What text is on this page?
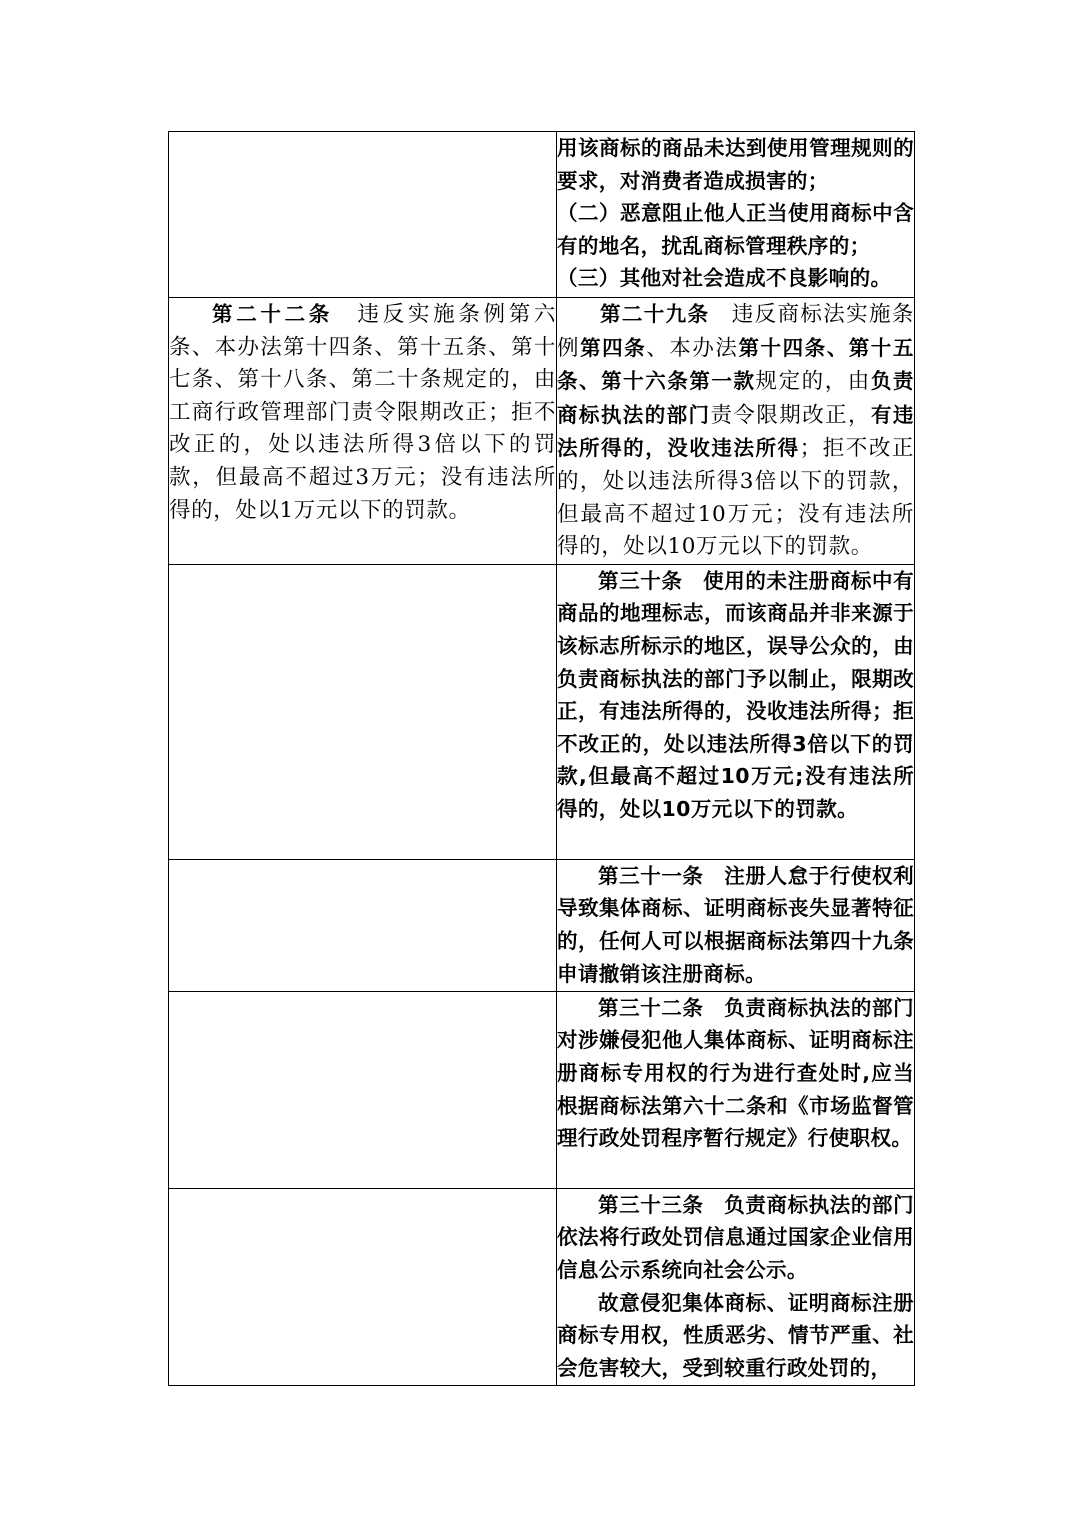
	用该商标的商品未达到使用管理规则的要求，对消费者造成损害的；

（二）恶意阻止他人正当使用商标中含有的地名，扰乱商标管理秩序的；

（三）其他对社会造成不良影响的。

第二十二条 违反实施条例第六条、本办法第十四条、第十五条、第十七条、第十八条、第二十条规定的，由工商行政管理部门责令限期改正；拒不改正的，处以违法所得3倍以下的罚款，但最高不超过3万元；没有违法所得的，处以1万元以下的罚款。	第二十九条 违反商标法实施条例第四条、本办法第十四条、第十五条、第十六条第一款规定的，由负责商标执法的部门责令限期改正，有违法所得的，没收违法所得；拒不改正的，处以违法所得3倍以下的罚款，但最高不超过10万元；没有违法所得的，处以10万元以下的罚款。

	第三十条 使用的未注册商标中有商品的地理标志，而该商品并非来源于该标志所标示的地区，误导公众的，由负责商标执法的部门予以制止，限期改正，有违法所得的，没收违法所得；拒不改正的，处以违法所得3倍以下的罚款,但最高不超过10万元;没有违法所得的，处以10万元以下的罚款。

	第三十一条 注册人怠于行使权利导致集体商标、证明商标丧失显著特征的，任何人可以根据商标法第四十九条申请撤销该注册商标。

	第三十二条 负责商标执法的部门对涉嫌侵犯他人集体商标、证明商标注册商标专用权的行为进行查处时,应当根据商标法第六十二条和《市场监督管理行政处罚程序暂行规定》行使职权。

	第三十三条 负责商标执法的部门依法将行政处罚信息通过国家企业信用信息公示系统向社会公示。

故意侵犯集体商标、证明商标注册商标专用权，性质恶劣、情节严重、社会危害较大，受到较重行政处罚的，
